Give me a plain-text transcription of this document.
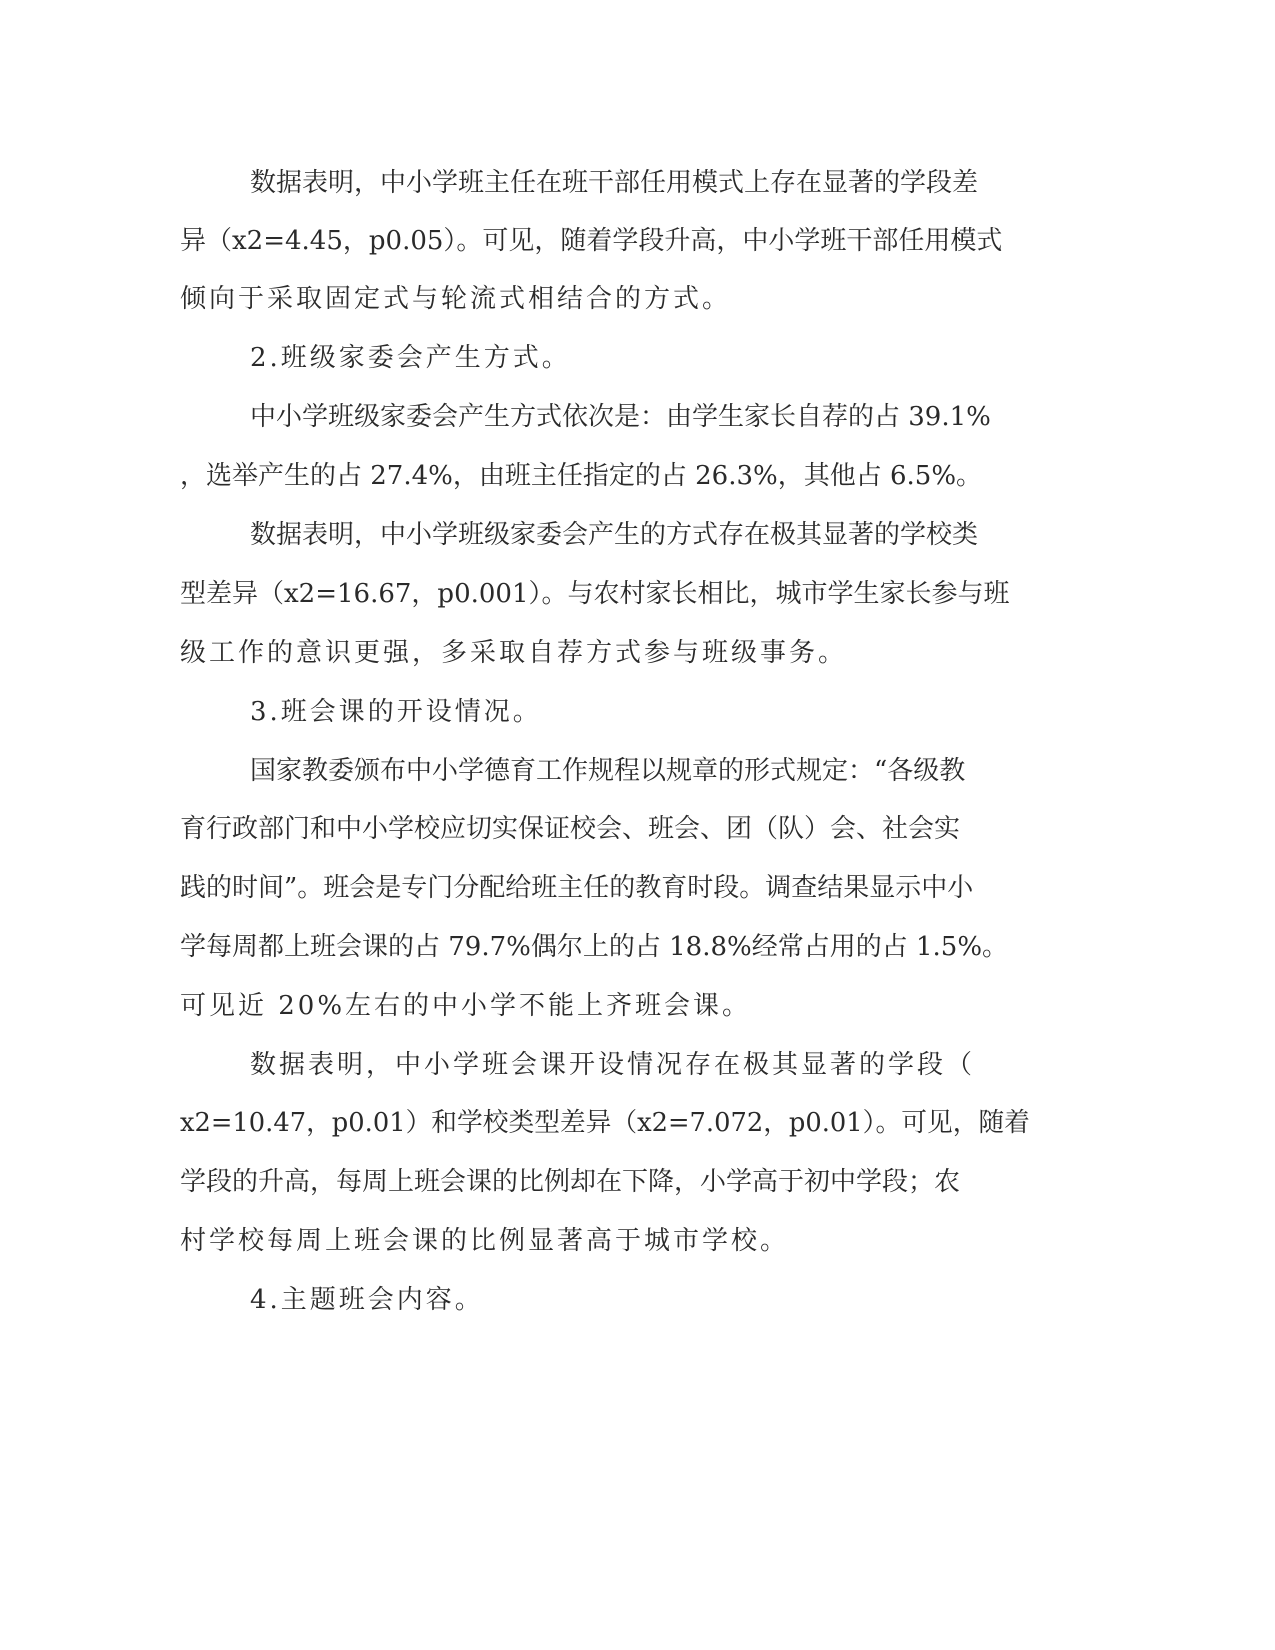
数据表明，中小学班主任在班干部任用模式上存在显著的学段差
异（x2=4.45，p0.05）。可见，随着学段升高，中小学班干部任用模式
倾向于采取固定式与轮流式相结合的方式。
2.班级家委会产生方式。
中小学班级家委会产生方式依次是：由学生家长自荐的占 39.1%
，选举产生的占 27.4%，由班主任指定的占 26.3%，其他占 6.5%。
数据表明，中小学班级家委会产生的方式存在极其显著的学校类
型差异（x2=16.67，p0.001）。与农村家长相比，城市学生家长参与班
级工作的意识更强，多采取自荐方式参与班级事务。
3.班会课的开设情况。
国家教委颁布中小学德育工作规程以规章的形式规定：“各级教
育行政部门和中小学校应切实保证校会、班会、团（队）会、社会实
践的时间”。班会是专门分配给班主任的教育时段。调查结果显示中小
学每周都上班会课的占 79.7%偶尔上的占 18.8%经常占用的占 1.5%。
可见近 20%左右的中小学不能上齐班会课。
数据表明，中小学班会课开设情况存在极其显著的学段（
x2=10.47，p0.01）和学校类型差异（x2=7.072，p0.01）。可见，随着
学段的升高，每周上班会课的比例却在下降，小学高于初中学段；农
村学校每周上班会课的比例显著高于城市学校。
4.主题班会内容。
